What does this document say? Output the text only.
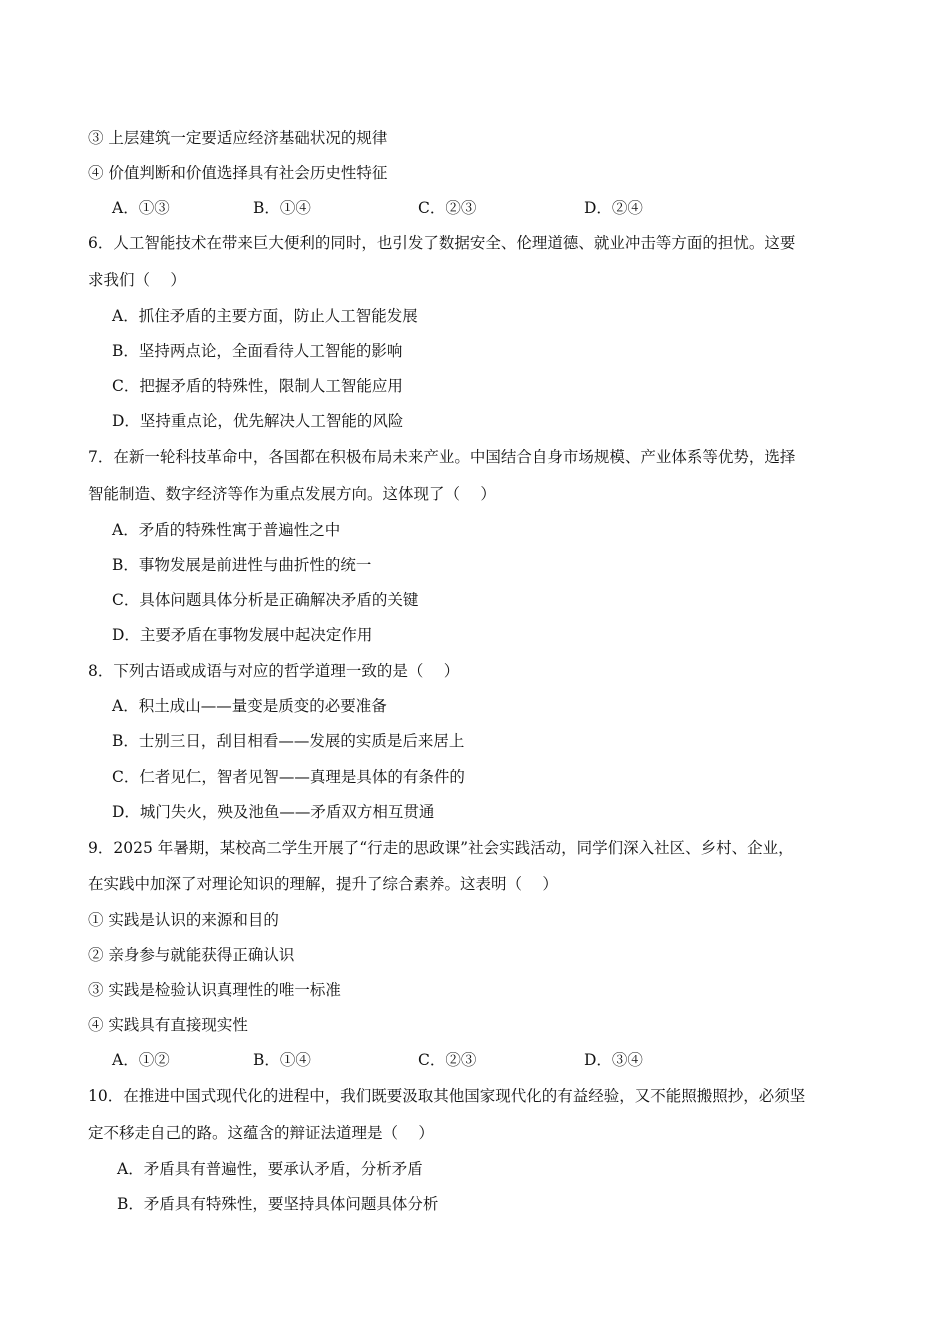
③ 上层建筑一定要适应经济基础状况的规律
④ 价值判断和价值选择具有社会历史性特征
A．①③	B．①④	C．②③	D．②④
6．人工智能技术在带来巨大便利的同时，也引发了数据安全、伦理道德、就业冲击等方面的担忧。这要
求我们（　 ）
A．抓住矛盾的主要方面，防止人工智能发展
B．坚持两点论，全面看待人工智能的影响
C．把握矛盾的特殊性，限制人工智能应用
D．坚持重点论，优先解决人工智能的风险
7．在新一轮科技革命中，各国都在积极布局未来产业。中国结合自身市场规模、产业体系等优势，选择
智能制造、数字经济等作为重点发展方向。这体现了（　 ）
A．矛盾的特殊性寓于普遍性之中
B．事物发展是前进性与曲折性的统一
C．具体问题具体分析是正确解决矛盾的关键
D．主要矛盾在事物发展中起决定作用
8．下列古语或成语与对应的哲学道理一致的是（　 ）
A．积土成山——量变是质变的必要准备
B．士别三日，刮目相看——发展的实质是后来居上
C．仁者见仁，智者见智——真理是具体的有条件的
D．城门失火，殃及池鱼——矛盾双方相互贯通
9．2025 年暑期，某校高二学生开展了“行走的思政课”社会实践活动，同学们深入社区、乡村、企业，
在实践中加深了对理论知识的理解，提升了综合素养。这表明（　 ）
① 实践是认识的来源和目的
② 亲身参与就能获得正确认识
③ 实践是检验认识真理性的唯一标准
④ 实践具有直接现实性
A．①②	B．①④	C．②③	D．③④
10．在推进中国式现代化的进程中，我们既要汲取其他国家现代化的有益经验，又不能照搬照抄，必须坚
定不移走自己的路。这蕴含的辩证法道理是（　 ）
A．矛盾具有普遍性，要承认矛盾，分析矛盾
B．矛盾具有特殊性，要坚持具体问题具体分析
